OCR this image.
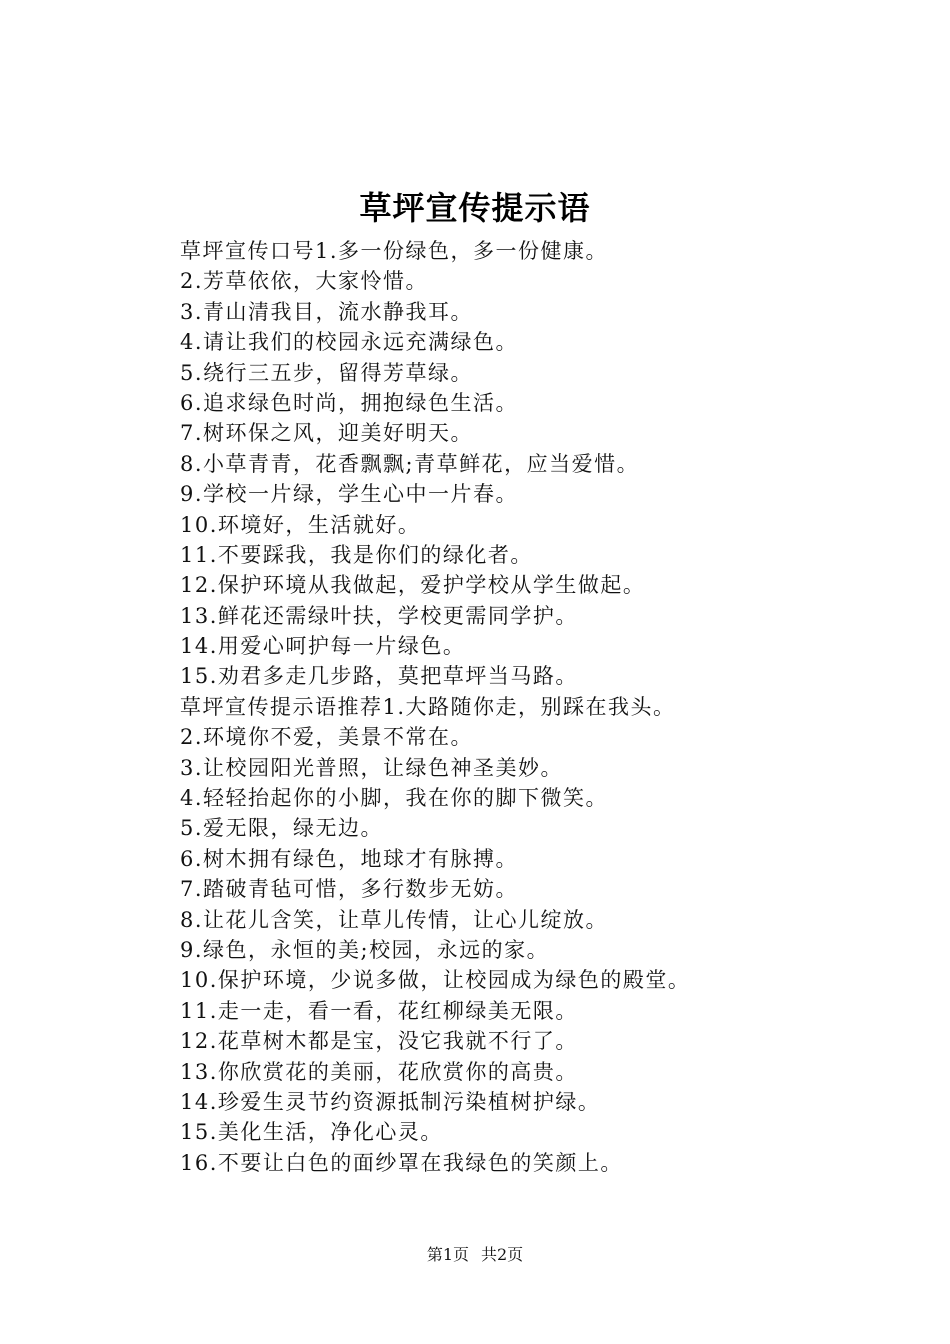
草坪宣传提示语
草坪宣传口号1.多一份绿色，多一份健康。
2.芳草依依，大家怜惜。
3.青山清我目，流水静我耳。
4.请让我们的校园永远充满绿色。
5.绕行三五步，留得芳草绿。
6.追求绿色时尚，拥抱绿色生活。
7.树环保之风，迎美好明天。
8.小草青青，花香飘飘;青草鲜花，应当爱惜。
9.学校一片绿，学生心中一片春。
10.环境好，生活就好。
11.不要踩我，我是你们的绿化者。
12.保护环境从我做起，爱护学校从学生做起。
13.鲜花还需绿叶扶，学校更需同学护。
14.用爱心呵护每一片绿色。
15.劝君多走几步路，莫把草坪当马路。
草坪宣传提示语推荐1.大路随你走，别踩在我头。
2.环境你不爱，美景不常在。
3.让校园阳光普照，让绿色神圣美妙。
4.轻轻抬起你的小脚，我在你的脚下微笑。
5.爱无限，绿无边。
6.树木拥有绿色，地球才有脉搏。
7.踏破青毡可惜，多行数步无妨。
8.让花儿含笑，让草儿传情，让心儿绽放。
9.绿色，永恒的美;校园，永远的家。
10.保护环境，少说多做，让校园成为绿色的殿堂。
11.走一走，看一看，花红柳绿美无限。
12.花草树木都是宝，没它我就不行了。
13.你欣赏花的美丽，花欣赏你的高贵。
14.珍爱生灵节约资源抵制污染植树护绿。
15.美化生活，净化心灵。
16.不要让白色的面纱罩在我绿色的笑颜上。
第1页 共2页
